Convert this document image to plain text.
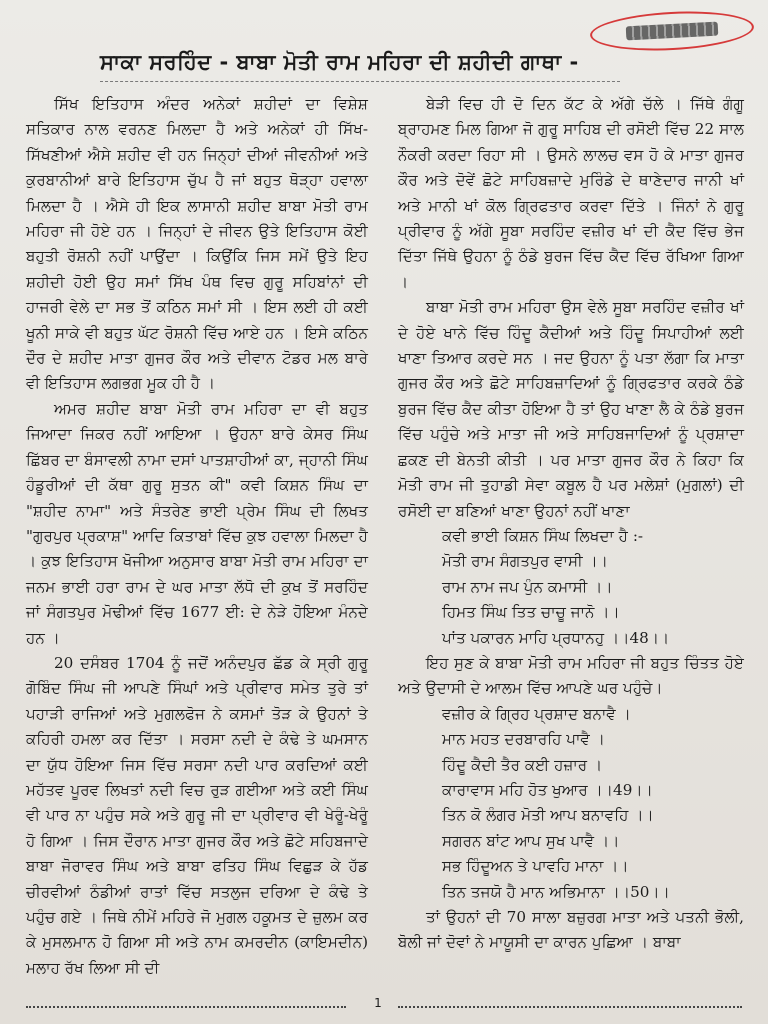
ਸਾਕਾ ਸਰਹਿੰਦ - ਬਾਬਾ ਮੋਤੀ ਰਾਮ ਮਹਿਰਾ ਦੀ ਸ਼ਹੀਦੀ ਗਾਥਾ -

ਸਿੱਖ ਇਤਿਹਾਸ ਅੰਦਰ ਅਨੇਕਾਂ ਸ਼ਹੀਦਾਂ ਦਾ ਵਿਸ਼ੇਸ਼ ਸਤਿਕਾਰ ਨਾਲ ਵਰਨਣ ਮਿਲਦਾ ਹੈ ਅਤੇ ਅਨੇਕਾਂ ਹੀ ਸਿੱਖ-ਸਿੱਖਣੀਆਂ ਐਸੇ ਸ਼ਹੀਦ ਵੀ ਹਨ ਜਿਨ੍ਹਾਂ ਦੀਆਂ ਜੀਵਨੀਆਂ ਅਤੇ ਕੁਰਬਾਨੀਆਂ ਬਾਰੇ ਇਤਿਹਾਸ ਚੁੱਪ ਹੈ ਜਾਂ ਬਹੁਤ ਥੋੜ੍ਹਾ ਹਵਾਲਾ ਮਿਲਦਾ ਹੈ । ਐਸੇ ਹੀ ਇਕ ਲਾਸਾਨੀ ਸ਼ਹੀਦ ਬਾਬਾ ਮੋਤੀ ਰਾਮ ਮਹਿਰਾ ਜੀ ਹੋਏ ਹਨ । ਜਿਨ੍ਹਾਂ ਦੇ ਜੀਵਨ ਉਤੇ ਇਤਿਹਾਸ ਕੋਈ ਬਹੁਤੀ ਰੋਸ਼ਨੀ ਨਹੀਂ ਪਾਉਂਦਾ । ਕਿਉਂਕਿ ਜਿਸ ਸਮੇਂ ਉਤੇ ਇਹ ਸ਼ਹੀਦੀ ਹੋਈ ਉਹ ਸਮਾਂ ਸਿੱਖ ਪੰਥ ਵਿਚ ਗੁਰੂ ਸਹਿਬਾਂਨਾਂ ਦੀ ਹਾਜਰੀ ਵੇਲੇ ਦਾ ਸਭ ਤੋਂ ਕਠਿਨ ਸਮਾਂ ਸੀ । ਇਸ ਲਈ ਹੀ ਕਈ ਖੂਨੀ ਸਾਕੇ ਵੀ ਬਹੁਤ ਘੱਟ ਰੋਸ਼ਨੀ ਵਿੱਚ ਆਏ ਹਨ । ਇਸੇ ਕਠਿਨ ਦੌਰ ਦੇ ਸ਼ਹੀਦ ਮਾਤਾ ਗੁਜਰ ਕੌਰ ਅਤੇ ਦੀਵਾਨ ਟੋਡਰ ਮਲ ਬਾਰੇ ਵੀ ਇਤਿਹਾਸ ਲਗਭਗ ਮੂਕ ਹੀ ਹੈ ।

ਅਮਰ ਸ਼ਹੀਦ ਬਾਬਾ ਮੋਤੀ ਰਾਮ ਮਹਿਰਾ ਦਾ ਵੀ ਬਹੁਤ ਜਿਆਦਾ ਜਿਕਰ ਨਹੀਂ ਆਇਆ । ਉਹਨਾ ਬਾਰੇ ਕੇਸਰ ਸਿੰਘ ਛਿੱਬਰ ਦਾ ਬੰਸਾਵਲੀ ਨਾਮਾ ਦਸਾਂ ਪਾਤਸ਼ਾਹੀਆਂ ਕਾ, ਜ੍ਹਾਨੀ ਸਿੰਘ ਹੰਡੂਰੀਆਂ ਦੀ ਕੱਥਾ ਗੁਰੂ ਸੁਤਨ ਕੀ" ਕਵੀ ਕਿਸ਼ਨ ਸਿੰਘ ਦਾ "ਸ਼ਹੀਦ ਨਾਮਾ" ਅਤੇ ਸੰਤਰੇਣ ਭਾਈ ਪ੍ਰੇਮ ਸਿੰਘ ਦੀ ਲਿਖਤ "ਗੁਰਪੁਰ ਪ੍ਰਕਾਸ਼" ਆਦਿ ਕਿਤਾਬਾਂ ਵਿੱਚ ਕੁਝ ਹਵਾਲਾ ਮਿਲਦਾ ਹੈ । ਕੁਝ ਇਤਿਹਾਸ ਖੋਜੀਆ ਅਨੁਸਾਰ ਬਾਬਾ ਮੋਤੀ ਰਾਮ ਮਹਿਰਾ ਦਾ ਜਨਮ ਭਾਈ ਹਰਾ ਰਾਮ ਦੇ ਘਰ ਮਾਤਾ ਲੱਧੋ ਦੀ ਕੁਖ ਤੋਂ ਸਰਹਿੰਦ ਜਾਂ ਸੰਗਤਪੁਰ ਮੋਢੀਆਂ ਵਿੱਚ 1677 ਈ: ਦੇ ਨੇੜੇ ਹੋਇਆ ਮੰਨਦੇ ਹਨ ।

20 ਦਸੰਬਰ 1704 ਨੂੰ ਜਦੋਂ ਅਨੰਦਪੁਰ ਛੱਡ ਕੇ ਸ੍ਰੀ ਗੁਰੂ ਗੋਬਿੰਦ ਸਿੰਘ ਜੀ ਆਪਣੇ ਸਿੰਘਾਂ ਅਤੇ ਪ੍ਰੀਵਾਰ ਸਮੇਤ ਤੁਰੇ ਤਾਂ ਪਹਾੜੀ ਰਾਜਿਆਂ ਅਤੇ ਮੁਗਲਫੋਜ ਨੇ ਕਸਮਾਂ ਤੋੜ ਕੇ ਉਹਨਾਂ ਤੇ ਕਹਿਰੀ ਹਮਲਾ ਕਰ ਦਿੱਤਾ । ਸਰਸਾ ਨਦੀ ਦੇ ਕੰਢੇ ਤੇ ਘਮਸਾਨ ਦਾ ਯੁੱਧ ਹੋਇਆ ਜਿਸ ਵਿੱਚ ਸਰਸਾ ਨਦੀ ਪਾਰ ਕਰਦਿਆਂ ਕਈ ਮਹੱਤਵ ਪੂਰਵ ਲਿਖਤਾਂ ਨਦੀ ਵਿਚ ਰੁੜ ਗਈਆ ਅਤੇ ਕਈ ਸਿੰਘ ਵੀ ਪਾਰ ਨਾ ਪਹੁੰਚ ਸਕੇ ਅਤੇ ਗੁਰੂ ਜੀ ਦਾ ਪ੍ਰੀਵਾਰ ਵੀ ਖੇਰੂੰ-ਖੇਰੂੰ ਹੋ ਗਿਆ । ਜਿਸ ਦੌਰਾਨ ਮਾਤਾ ਗੁਜਰ ਕੌਰ ਅਤੇ ਛੋਟੇ ਸਹਿਬਜਾਦੇ ਬਾਬਾ ਜੋਰਾਵਰ ਸਿੰਘ ਅਤੇ ਬਾਬਾ ਫਤਿਹ ਸਿੰਘ ਵਿਛੁੜ ਕੇ ਹੱਡ ਚੀਰਵੀਆਂ ਠੰਡੀਆਂ ਰਾਤਾਂ ਵਿੱਚ ਸਤਲੁਜ ਦਰਿਆ ਦੇ ਕੰਢੇ ਤੇ ਪਹੁੰਚ ਗਏ । ਜਿਥੇ ਨੀਮੇਂ ਮਹਿਰੇ ਜੋ ਮੁਗਲ ਹਕੂਮਤ ਦੇ ਜ਼ੁਲਮ ਕਰ ਕੇ ਮੁਸਲਮਾਨ ਹੋ ਗਿਆ ਸੀ ਅਤੇ ਨਾਮ ਕਮਰਦੀਨ (ਕਾਇਮਦੀਨ) ਮਲਾਹ ਰੱਖ ਲਿਆ ਸੀ ਦੀ

ਬੇੜੀ ਵਿਚ ਹੀ ਦੋ ਦਿਨ ਕੱਟ ਕੇ ਅੱਗੇ ਚੱਲੇ । ਜਿੱਥੇ ਗੰਗੂ ਬ੍ਰਾਹਮਣ ਮਿਲ ਗਿਆ ਜੋ ਗੁਰੂ ਸਾਹਿਬ ਦੀ ਰਸੋਈ ਵਿੱਚ 22 ਸਾਲ ਨੌਕਰੀ ਕਰਦਾ ਰਿਹਾ ਸੀ । ਉਸਨੇ ਲਾਲਚ ਵਸ ਹੋ ਕੇ ਮਾਤਾ ਗੁਜਰ ਕੌਰ ਅਤੇ ਦੋਵੇਂ ਛੋਟੇ ਸਾਹਿਬਜ਼ਾਦੇ ਮੁਰਿੰਡੇ ਦੇ ਥਾਣੇਦਾਰ ਜਾਨੀ ਖਾਂ ਅਤੇ ਮਾਨੀ ਖਾਂ ਕੋਲ ਗ੍ਰਿਫਤਾਰ ਕਰਵਾ ਦਿੱਤੇ । ਜਿੰਨਾਂ ਨੇ ਗੁਰੂ ਪ੍ਰੀਵਾਰ ਨੂੰ ਅੱਗੇ ਸੂਬਾ ਸਰਹਿੰਦ ਵਜ਼ੀਰ ਖਾਂ ਦੀ ਕੈਦ ਵਿੱਚ ਭੇਜ ਦਿੱਤਾ ਜਿੱਥੇ ਉਹਨਾ ਨੂੰ ਠੰਡੇ ਬੁਰਜ ਵਿੱਚ ਕੈਦ ਵਿੱਚ ਰੱਖਿਆ ਗਿਆ ।

ਬਾਬਾ ਮੋਤੀ ਰਾਮ ਮਹਿਰਾ ਉਸ ਵੇਲੇ ਸੂਬਾ ਸਰਹਿੰਦ ਵਜ਼ੀਰ ਖਾਂ ਦੇ ਹੋਏ ਖਾਨੇ ਵਿੱਚ ਹਿੰਦੂ ਕੈਦੀਆਂ ਅਤੇ ਹਿੰਦੂ ਸਿਪਾਹੀਆਂ ਲਈ ਖਾਣਾ ਤਿਆਰ ਕਰਦੇ ਸਨ । ਜਦ ਉਹਨਾ ਨੂੰ ਪਤਾ ਲੱਗਾ ਕਿ ਮਾਤਾ ਗੁਜਰ ਕੌਰ ਅਤੇ ਛੋਟੇ ਸਾਹਿਬਜ਼ਾਦਿਆਂ ਨੂੰ ਗ੍ਰਿਫਤਾਰ ਕਰਕੇ ਠੰਡੇ ਬੁਰਜ ਵਿੱਚ ਕੈਦ ਕੀਤਾ ਹੋਇਆ ਹੈ ਤਾਂ ਉਹ ਖਾਣਾ ਲੈ ਕੇ ਠੰਡੇ ਬੁਰਜ ਵਿੱਚ ਪਹੁੰਚੇ ਅਤੇ ਮਾਤਾ ਜੀ ਅਤੇ ਸਾਹਿਬਜਾਦਿਆਂ ਨੂੰ ਪ੍ਰਸ਼ਾਦਾ ਛਕਣ ਦੀ ਬੇਨਤੀ ਕੀਤੀ । ਪਰ ਮਾਤਾ ਗੁਜਰ ਕੌਰ ਨੇ ਕਿਹਾ ਕਿ ਮੋਤੀ ਰਾਮ ਜੀ ਤੁਹਾਡੀ ਸੇਵਾ ਕਬੂਲ ਹੈ ਪਰ ਮਲੇਸ਼ਾਂ (ਮੁਗਲਾਂ) ਦੀ ਰਸੋਈ ਦਾ ਬਣਿਆਂ ਖਾਣਾ ਉਹਨਾਂ ਨਹੀਂ ਖਾਣਾ

ਕਵੀ ਭਾਈ ਕਿਸ਼ਨ ਸਿੰਘ ਲਿਖਦਾ ਹੈ :-
ਮੋਤੀ ਰਾਮ ਸੰਗਤਪੁਰ ਵਾਸੀ ।।
ਰਾਮ ਨਾਮ ਜਪ ਪੁੰਨ ਕਮਾਸੀ ।।
ਹਿਮਤ ਸਿੰਘ ਤਿਤ ਚਾਚੂ ਜਾਨੋ ।।
ਪਾਂਤ ਪਕਾਰਨ ਮਾਹਿ ਪ੍ਰਧਾਨਹੁ ।।48।।

ਇਹ ਸੁਣ ਕੇ ਬਾਬਾ ਮੋਤੀ ਰਾਮ ਮਹਿਰਾ ਜੀ ਬਹੁਤ ਚਿੰਤਤ ਹੋਏ ਅਤੇ ਉਦਾਸੀ ਦੇ ਆਲਮ ਵਿੱਚ ਆਪਣੇ ਘਰ ਪਹੁੰਚੇ।

ਵਜ਼ੀਰ ਕੇ ਗ੍ਰਿਹ ਪ੍ਰਸ਼ਾਦ ਬਨਾਵੈ ।
ਮਾਨ ਮਹਤ ਦਰਬਾਰਹਿ ਪਾਵੈ ।
ਹਿੰਦੂ ਕੈਦੀ ਤੈਰ ਕਈ ਹਜ਼ਾਰ ।
ਕਾਰਾਵਾਸ ਮਹਿ ਹੋਤ ਖੁਆਰ ।।49।।
ਤਿਨ ਕੋ ਲੰਗਰ ਮੋਤੀ ਆਪ ਬਨਾਵਹਿ ।।
ਸਗਰਨ ਬਾਂਟ ਆਪ ਸੁਖ ਪਾਵੈ ।।
ਸਭ ਹਿੰਦੂਅਨ ਤੇ ਪਾਵਹਿ ਮਾਨਾ ।।
ਤਿਨ ਤਜਯੋ ਹੈ ਮਾਨ ਅਭਿਮਾਨਾ ।।50।।

ਤਾਂ ਉਹਨਾਂ ਦੀ 70 ਸਾਲਾ ਬਜ਼ੁਰਗ ਮਾਤਾ ਅਤੇ ਪਤਨੀ ਭੋਲੀ, ਬੋਲੀ ਜਾਂ ਦੋਵਾਂ ਨੇ ਮਾਯੂਸੀ ਦਾ ਕਾਰਨ ਪੁਛਿਆ । ਬਾਬਾ

1
